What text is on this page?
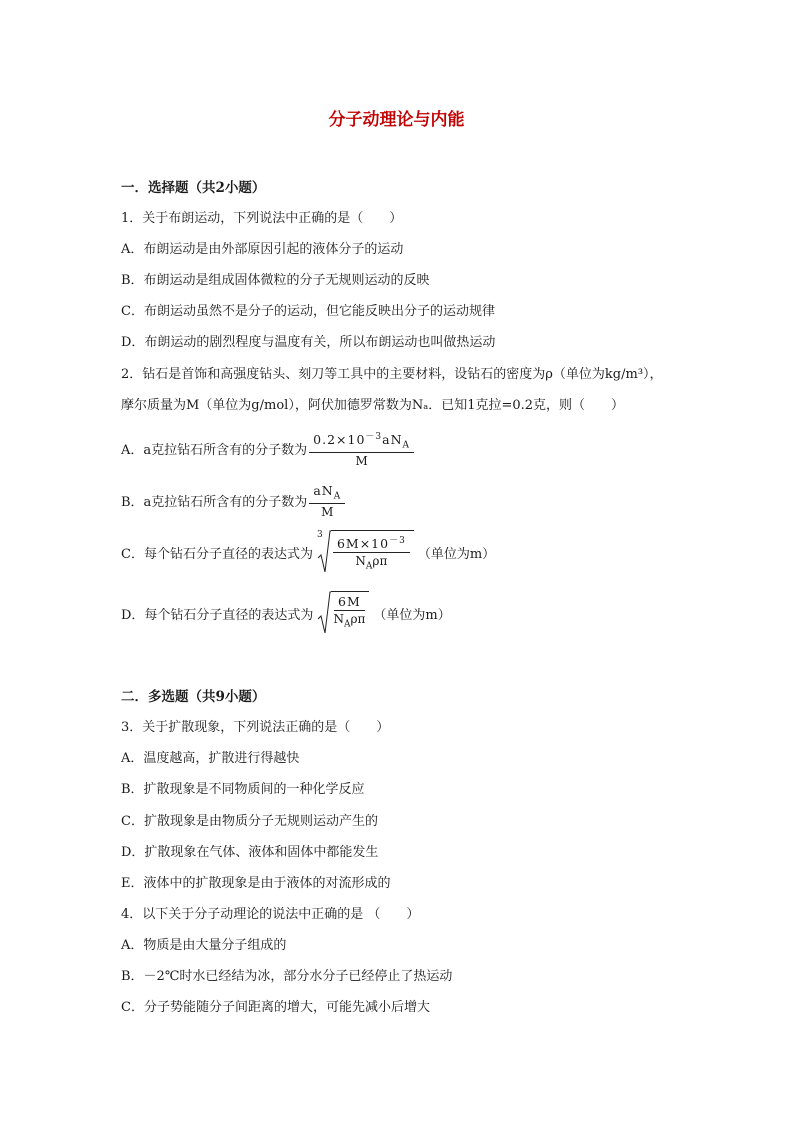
分子动理论与内能
一．选择题（共2小题）
1．关于布朗运动，下列说法中正确的是（　　）
A．布朗运动是由外部原因引起的液体分子的运动
B．布朗运动是组成固体微粒的分子无规则运动的反映
C．布朗运动虽然不是分子的运动，但它能反映出分子的运动规律
D．布朗运动的剧烈程度与温度有关，所以布朗运动也叫做热运动
2．钻石是首饰和高强度钻头、刻刀等工具中的主要材料，设钻石的密度为ρ（单位为kg/m³），
摩尔质量为M（单位为g/mol），阿伏加德罗常数为Nₐ．已知1克拉=0.2克，则（　　）
A．a克拉钻石所含有的分子数为 $\frac{0.2\times 10^{-3}aN_A}{M}$
B．a克拉钻石所含有的分子数为 $\frac{aN_A}{M}$
C．每个钻石分子直径的表达式为
$3 \frac{6M\times 10^{-3}}{N_A\rho\pi}$ （单位为m）
D．每个钻石分子直径的表达式为 $\frac{6M}{N_A\rho\pi}$ （单位为m）
二．多选题（共9小题）
3．关于扩散现象，下列说法正确的是（　　）
A．温度越高，扩散进行得越快
B．扩散现象是不同物质间的一种化学反应
C．扩散现象是由物质分子无规则运动产生的
D．扩散现象在气体、液体和固体中都能发生
E．液体中的扩散现象是由于液体的对流形成的
4．以下关于分子动理论的说法中正确的是 （　　）
A．物质是由大量分子组成的
B．－2℃时水已经结为冰，部分水分子已经停止了热运动
C．分子势能随分子间距离的增大，可能先减小后增大
